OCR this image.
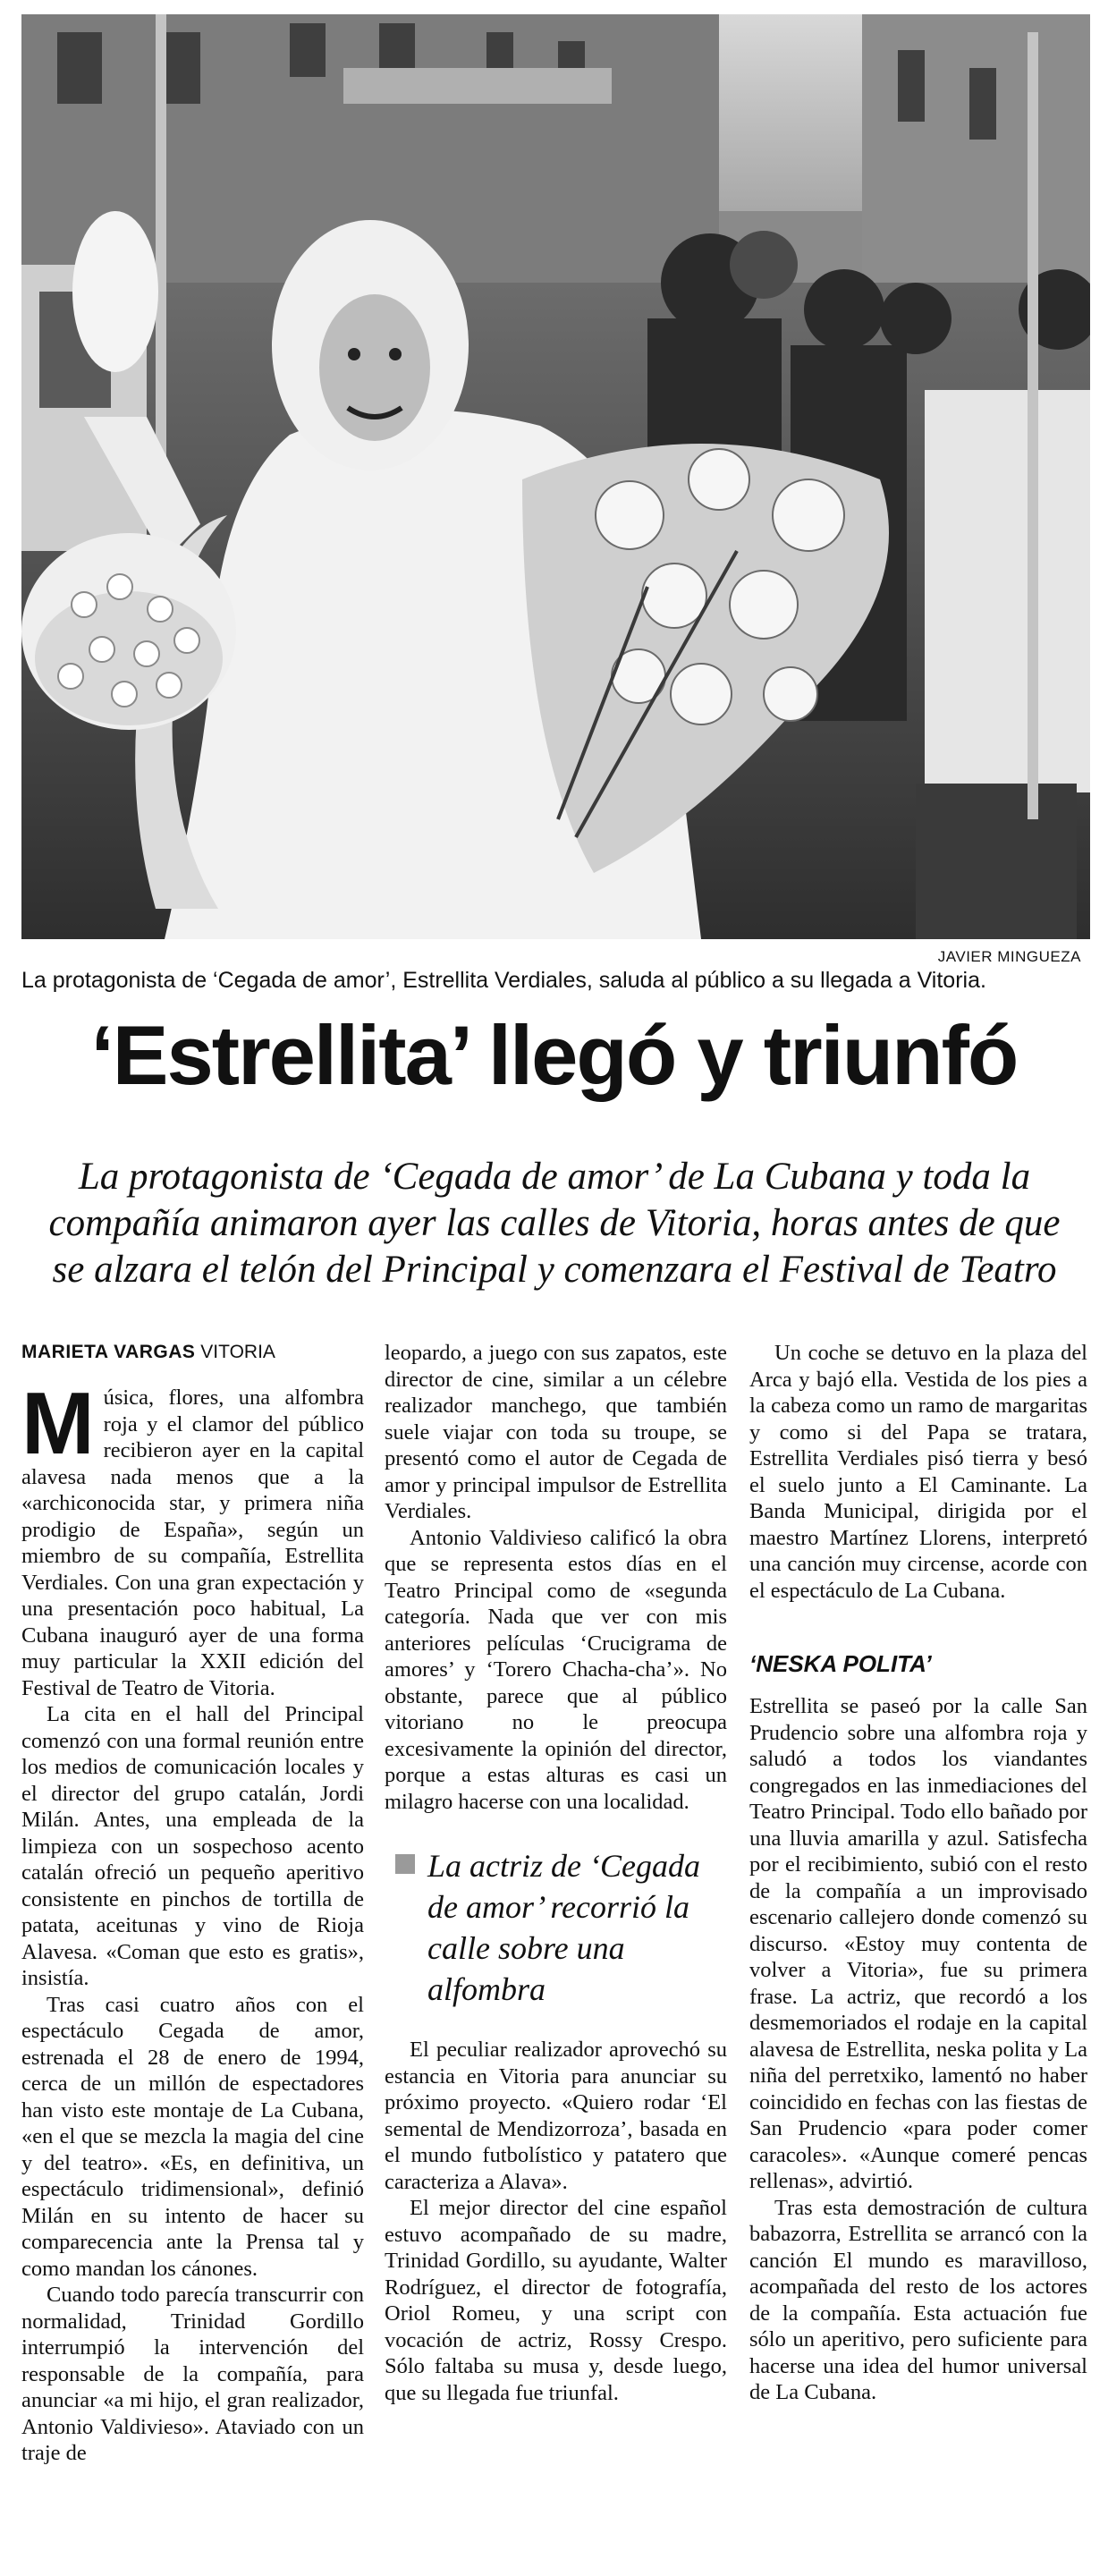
JAVIER MINGUEZA
La protagonista de ‘Cegada de amor’, Estrellita Verdiales, saluda al público a su llegada a Vitoria.
‘Estrellita’ llegó y triunfó
La protagonista de ‘Cegada de amor’ de La Cubana y toda la compañía animaron ayer las calles de Vitoria, horas antes de que se alzara el telón del Principal y comenzara el Festival de Teatro
MARIETA VARGAS VITORIA

Música, flores, una alfombra roja y el clamor del público recibieron ayer en la capital alavesa nada menos que a la «archiconocida star, y primera niña prodigio de España», según un miembro de su compañía, Estrellita Verdiales. Con una gran expectación y una presentación poco habitual, La Cubana inauguró ayer de una forma muy particular la XXII edición del Festival de Teatro de Vitoria.

La cita en el hall del Principal comenzó con una formal reunión entre los medios de comunicación locales y el director del grupo catalán, Jordi Milán. Antes, una empleada de la limpieza con un sospechoso acento catalán ofreció un pequeño aperitivo consistente en pinchos de tortilla de patata, aceitunas y vino de Rioja Alavesa. «Coman que esto es gratis», insistía.

Tras casi cuatro años con el espectáculo Cegada de amor, estrenada el 28 de enero de 1994, cerca de un millón de espectadores han visto este montaje de La Cubana, «en el que se mezcla la magia del cine y del teatro». «Es, en definitiva, un espectáculo tridimensional», definió Milán en su intento de hacer su comparecencia ante la Prensa tal y como mandan los cánones.

Cuando todo parecía transcurrir con normalidad, Trinidad Gordillo interrumpió la intervención del responsable de la compañía, para anunciar «a mi hijo, el gran realizador, Antonio Valdivieso». Ataviado con un traje de

leopardo, a juego con sus zapatos, este director de cine, similar a un célebre realizador manchego, que también suele viajar con toda su troupe, se presentó como el autor de Cegada de amor y principal impulsor de Estrellita Verdiales.

Antonio Valdivieso calificó la obra que se representa estos días en el Teatro Principal como de «segunda categoría. Nada que ver con mis anteriores películas ‘Crucigrama de amores’ y ‘Torero Chacha-cha’». No obstante, parece que al público vitoriano no le preocupa excesivamente la opinión del director, porque a estas alturas es casi un milagro hacerse con una localidad.

La actriz de ‘Cegada de amor’ recorrió la calle sobre una alfombra

El peculiar realizador aprovechó su estancia en Vitoria para anunciar su próximo proyecto. «Quiero rodar ‘El semental de Mendizorroza’, basada en el mundo futbolístico y patatero que caracteriza a Alava».

El mejor director del cine español estuvo acompañado de su madre, Trinidad Gordillo, su ayudante, Walter Rodríguez, el director de fotografía, Oriol Romeu, y una script con vocación de actriz, Rossy Crespo. Sólo faltaba su musa y, desde luego, que su llegada fue triunfal.

Un coche se detuvo en la plaza del Arca y bajó ella. Vestida de los pies a la cabeza como un ramo de margaritas y como si del Papa se tratara, Estrellita Verdiales pisó tierra y besó el suelo junto a El Caminante. La Banda Municipal, dirigida por el maestro Martínez Llorens, interpretó una canción muy circense, acorde con el espectáculo de La Cubana.

‘NESKA POLITA’

Estrellita se paseó por la calle San Prudencio sobre una alfombra roja y saludó a todos los viandantes congregados en las inmediaciones del Teatro Principal. Todo ello bañado por una lluvia amarilla y azul. Satisfecha por el recibimiento, subió con el resto de la compañía a un improvisado escenario callejero donde comenzó su discurso. «Estoy muy contenta de volver a Vitoria», fue su primera frase. La actriz, que recordó a los desmemoriados el rodaje en la capital alavesa de Estrellita, neska polita y La niña del perretxiko, lamentó no haber coincidido en fechas con las fiestas de San Prudencio «para poder comer caracoles». «Aunque comeré pencas rellenas», advirtió.

Tras esta demostración de cultura babazorra, Estrellita se arrancó con la canción El mundo es maravilloso, acompañada del resto de los actores de la compañía. Esta actuación fue sólo un aperitivo, pero suficiente para hacerse una idea del humor universal de La Cubana.
